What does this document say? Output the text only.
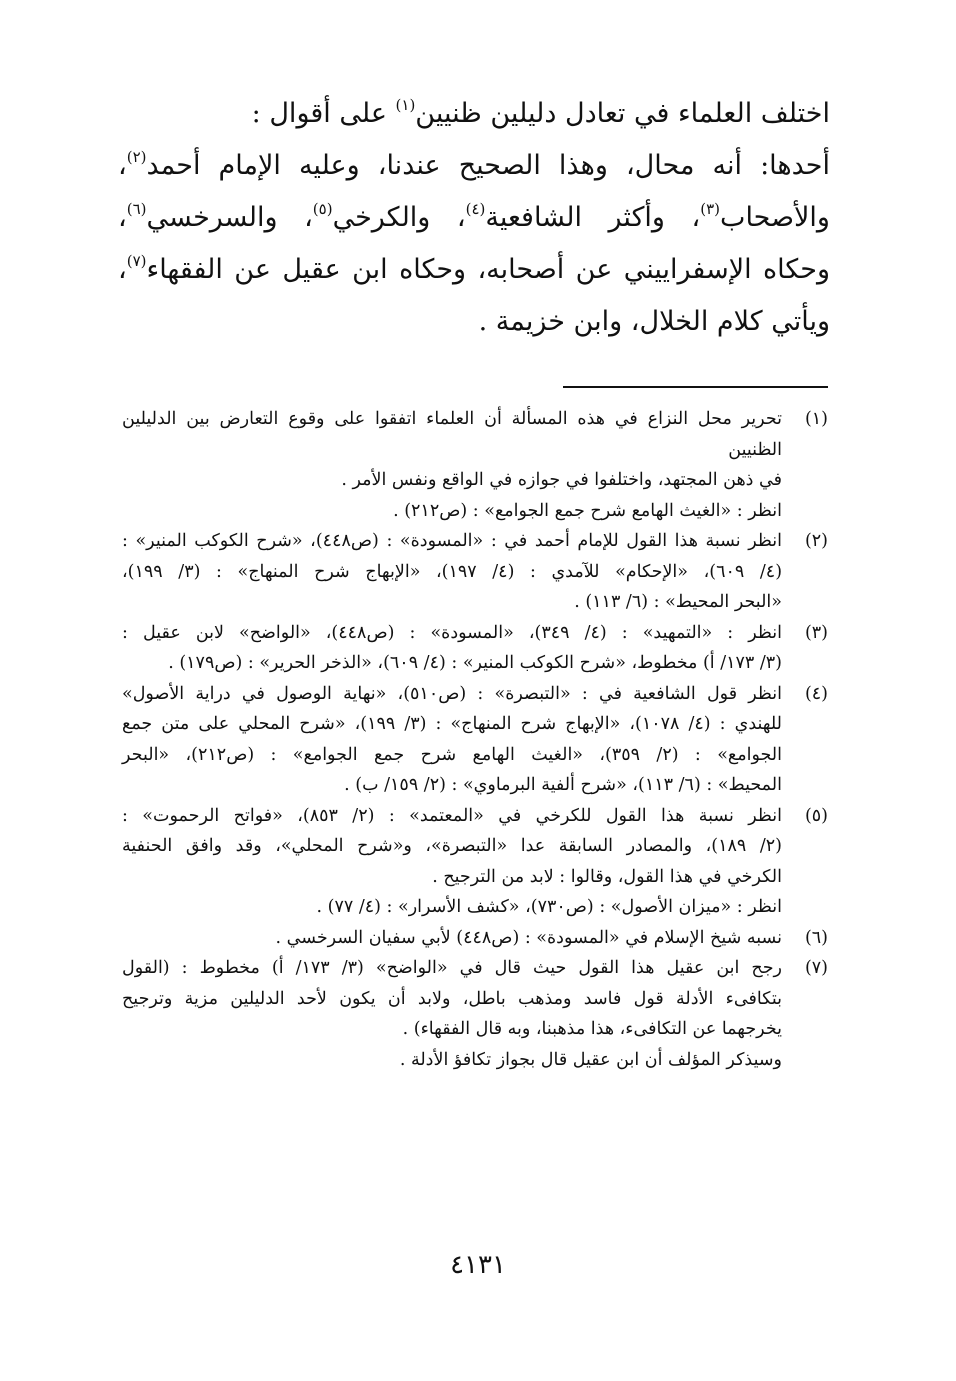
اختلف العلماء في تعادل دليلين ظنيين$^{(١)}$ على أقوال :

أحدها: أنه محال، وهذا الصحيح عندنا، وعليه الإمام أحمد$^{(٢)}$، والأصحاب$^{(٣)}$، وأكثر الشافعية$^{(٤)}$، والكرخي$^{(٥)}$، والسرخسي$^{(٦)}$، وحكاه الإسفراييني عن أصحابه، وحكاه ابن عقيل عن الفقهاء$^{(٧)}$، ويأتي كلام الخلال، وابن خزيمة .

(١)
تحرير محل النزاع في هذه المسألة أن العلماء اتفقوا على وقوع التعارض بين الدليلين الظنيين
في ذهن المجتهد، واختلفوا في جوازه في الواقع ونفس الأمر .
انظر : «الغيث الهامع شرح جمع الجوامع» : (ص٢١٢) .
(٢)
انظر نسبة هذا القول للإمام أحمد في : «المسودة» : (ص٤٤٨)، «شرح الكوكب المنير» :
(٤/ ٦٠٩)، «الإحكام» للآمدي : (٤/ ١٩٧)، «الإبهاج شرح المنهاج» : (٣/ ١٩٩)،
«البحر المحيط» : (٦/ ١١٣) .
(٣)
انظر : «التمهيد» : (٤/ ٣٤٩)، «المسودة» : (ص٤٤٨)، «الواضح» لابن عقيل :
(٣/ ١٧٣/ أ) مخطوط، «شرح الكوكب المنير» : (٤/ ٦٠٩)، «الذخر الحرير» : (ص١٧٩) .
(٤)
انظر قول الشافعية في : «التبصرة» : (ص٥١٠)، «نهاية الوصول في دراية الأصول»
للهندي : (٤/ ١٠٧٨)، «الإبهاج شرح المنهاج» : (٣/ ١٩٩)، «شرح المحلي على متن جمع
الجوامع» : (٢/ ٣٥٩)، «الغيث الهامع شرح جمع الجوامع» : (ص٢١٢)، «البحر
المحيط» : (٦/ ١١٣)، «شرح ألفية البرماوي» : (٢/ ١٥٩/ ب) .
(٥)
انظر نسبة هذا القول للكرخي في «المعتمد» : (٢/ ٨٥٣)، «فواتح الرحموت» :
(٢/ ١٨٩)، والمصادر السابقة عدا «التبصرة»، و«شرح المحلي»، وقد وافق الحنفية
الكرخي في هذا القول، وقالوا : لابد من الترجيح .
انظر : «ميزان الأصول» : (ص٧٣٠)، «كشف الأسرار» : (٤/ ٧٧) .
(٦)
نسبه شيخ الإسلام في «المسودة» : (ص٤٤٨) لأبي سفيان السرخسي .
(٧)
رجح ابن عقيل هذا القول حيث قال في «الواضح» (٣/ ١٧٣/ أ) مخطوط : (القول
بتكافىء الأدلة قول فاسد ومذهب باطل، ولابد أن يكون لأحد الدليلين مزية وترجيح
يخرجهما عن التكافىء، هذا مذهبنا، وبه قال الفقهاء) .
وسيذكر المؤلف أن ابن عقيل قال بجواز تكافؤ الأدلة .
٤١٣١
